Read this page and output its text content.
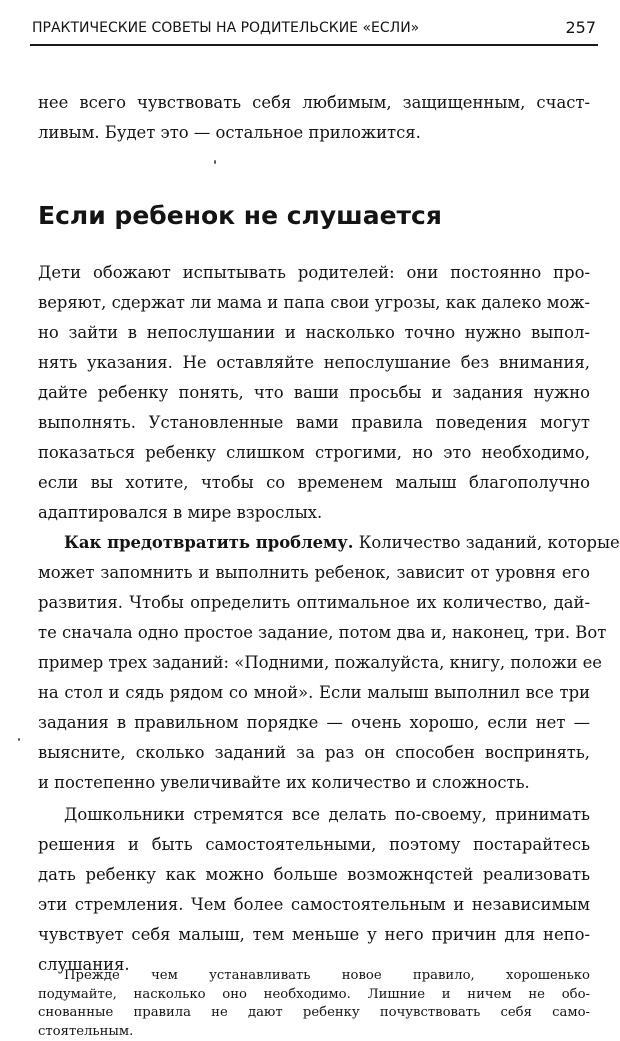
ПРАКТИЧЕСКИЕ СОВЕТЫ НА РОДИТЕЛЬСКИЕ «ЕСЛИ»	257
нее всего чувствовать себя любимым, защищенным, счаст-
ливым. Будет это — остальное приложится.
Если ребенок не слушается
Дети обожают испытывать родителей: они постоянно про-
веряют, сдержат ли мама и папа свои угрозы, как далеко мож-
но зайти в непослушании и насколько точно нужно выпол-
нять указания. Не оставляйте непослушание без внимания,
дайте ребенку понять, что ваши просьбы и задания нужно
выполнять. Установленные вами правила поведения могут
показаться ребенку слишком строгими, но это необходимо,
если вы хотите, чтобы со временем малыш благополучно
адаптировался в мире взрослых.
Как предотвратить проблему. Количество заданий, которые
может запомнить и выполнить ребенок, зависит от уровня его
развития. Чтобы определить оптимальное их количество, дай-
те сначала одно простое задание, потом два и, наконец, три. Вот
пример трех заданий: «Подними, пожалуйста, книгу, положи ее
на стол и сядь рядом со мной». Если малыш выполнил все три
задания в правильном порядке — очень хорошо, если нет —
выясните, сколько заданий за раз он способен воспринять,
и постепенно увеличивайте их количество и сложность.
Дошкольники стремятся все делать по-своему, принимать
решения и быть самостоятельными, поэтому постарайтесь
дать ребенку как можно больше возможнqстей реализовать
эти стремления. Чем более самостоятельным и независимым
чувствует себя малыш, тем меньше у него причин для непо-
слушания.
Прежде чем устанавливать новое правило, хорошенько
подумайте, насколько оно необходимо. Лишние и ничем не обо-
снованные правила не дают ребенку почувствовать себя само-
стоятельным.
